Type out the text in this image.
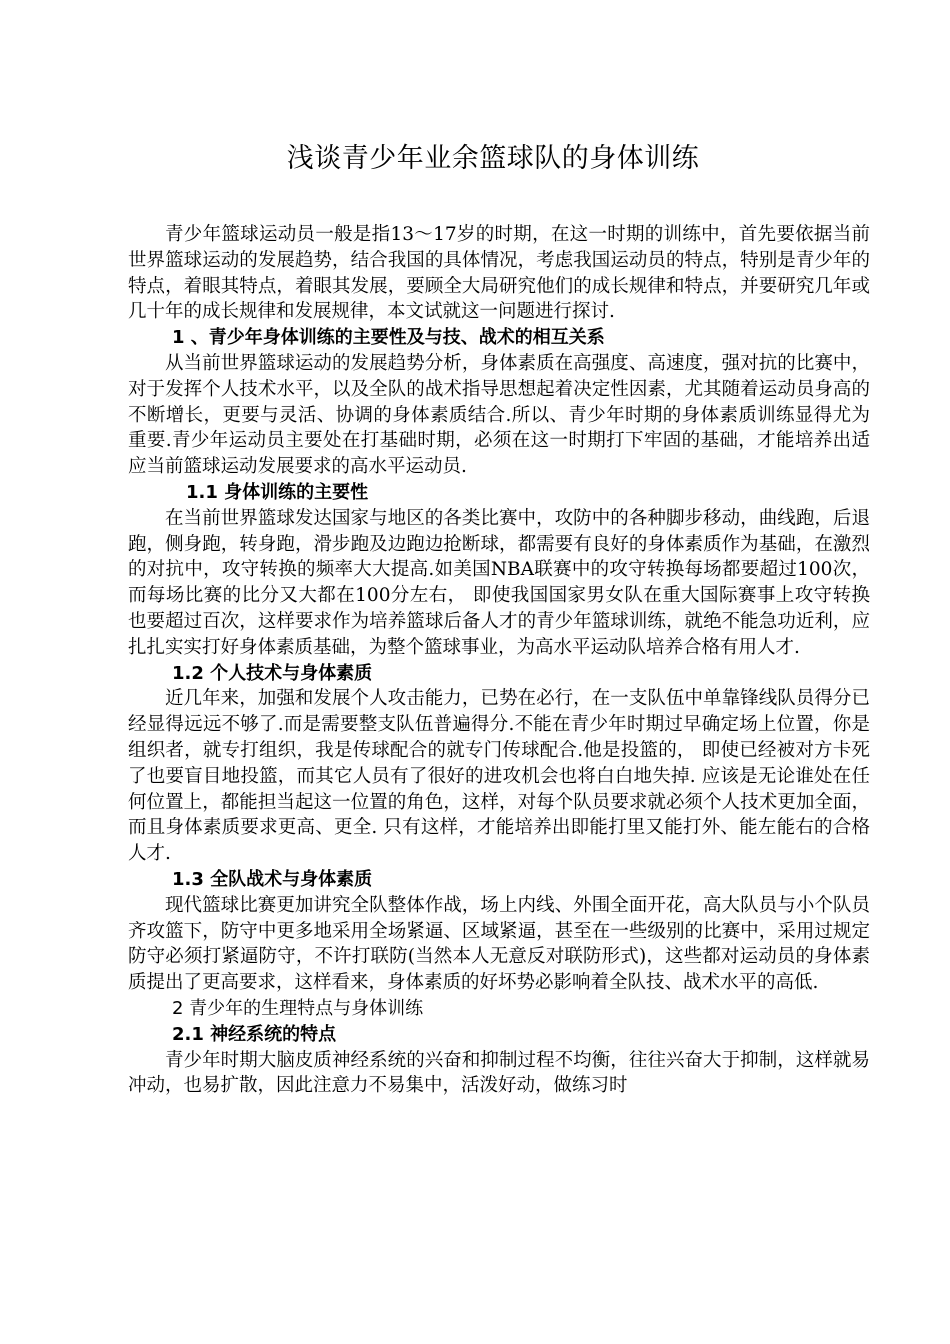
浅谈青少年业余篮球队的身体训练

青少年篮球运动员一般是指13～17岁的时期，在这一时期的训练中，首先要依据当前世界篮球运动的发展趋势，结合我国的具体情况，考虑我国运动员的特点，特别是青少年的特点，着眼其特点，着眼其发展，要顾全大局研究他们的成长规律和特点，并要研究几年或几十年的成长规律和发展规律，本文试就这一问题进行探讨.

1 、青少年身体训练的主要性及与技、战术的相互关系

从当前世界篮球运动的发展趋势分析，身体素质在高强度、高速度，强对抗的比赛中，对于发挥个人技术水平，以及全队的战术指导思想起着决定性因素，尤其随着运动员身高的不断增长，更要与灵活、协调的身体素质结合.所以、青少年时期的身体素质训练显得尤为重要.青少年运动员主要处在打基础时期，必须在这一时期打下牢固的基础，才能培养出适应当前篮球运动发展要求的高水平运动员.

1.1 身体训练的主要性

在当前世界篮球发达国家与地区的各类比赛中，攻防中的各种脚步移动，曲线跑，后退跑，侧身跑，转身跑，滑步跑及边跑边抢断球，都需要有良好的身体素质作为基础，在激烈的对抗中，攻守转换的频率大大提高.如美国NBA联赛中的攻守转换每场都要超过100次， 而每场比赛的比分又大都在100分左右， 即使我国国家男女队在重大国际赛事上攻守转换也要超过百次，这样要求作为培养篮球后备人才的青少年篮球训练，就绝不能急功近利，应扎扎实实打好身体素质基础，为整个篮球事业，为高水平运动队培养合格有用人才.

1.2 个人技术与身体素质

近几年来，加强和发展个人攻击能力，已势在必行，在一支队伍中单靠锋线队员得分已经显得远远不够了.而是需要整支队伍普遍得分.不能在青少年时期过早确定场上位置，你是组织者，就专打组织，我是传球配合的就专门传球配合.他是投篮的， 即使已经被对方卡死了也要盲目地投篮，而其它人员有了很好的进攻机会也将白白地失掉. 应该是无论谁处在任何位置上，都能担当起这一位置的角色，这样，对每个队员要求就必须个人技术更加全面，而且身体素质要求更高、更全. 只有这样，才能培养出即能打里又能打外、能左能右的合格人才.

1.3 全队战术与身体素质

现代篮球比赛更加讲究全队整体作战，场上内线、外围全面开花，高大队员与小个队员齐攻篮下，防守中更多地采用全场紧逼、区域紧逼，甚至在一些级别的比赛中，采用过规定防守必须打紧逼防守，不许打联防(当然本人无意反对联防形式)，这些都对运动员的身体素质提出了更高要求，这样看来，身体素质的好坏势必影响着全队技、战术水平的高低.

2 青少年的生理特点与身体训练

2.1 神经系统的特点

青少年时期大脑皮质神经系统的兴奋和抑制过程不均衡，往往兴奋大于抑制，这样就易冲动，也易扩散，因此注意力不易集中，活泼好动，做练习时
